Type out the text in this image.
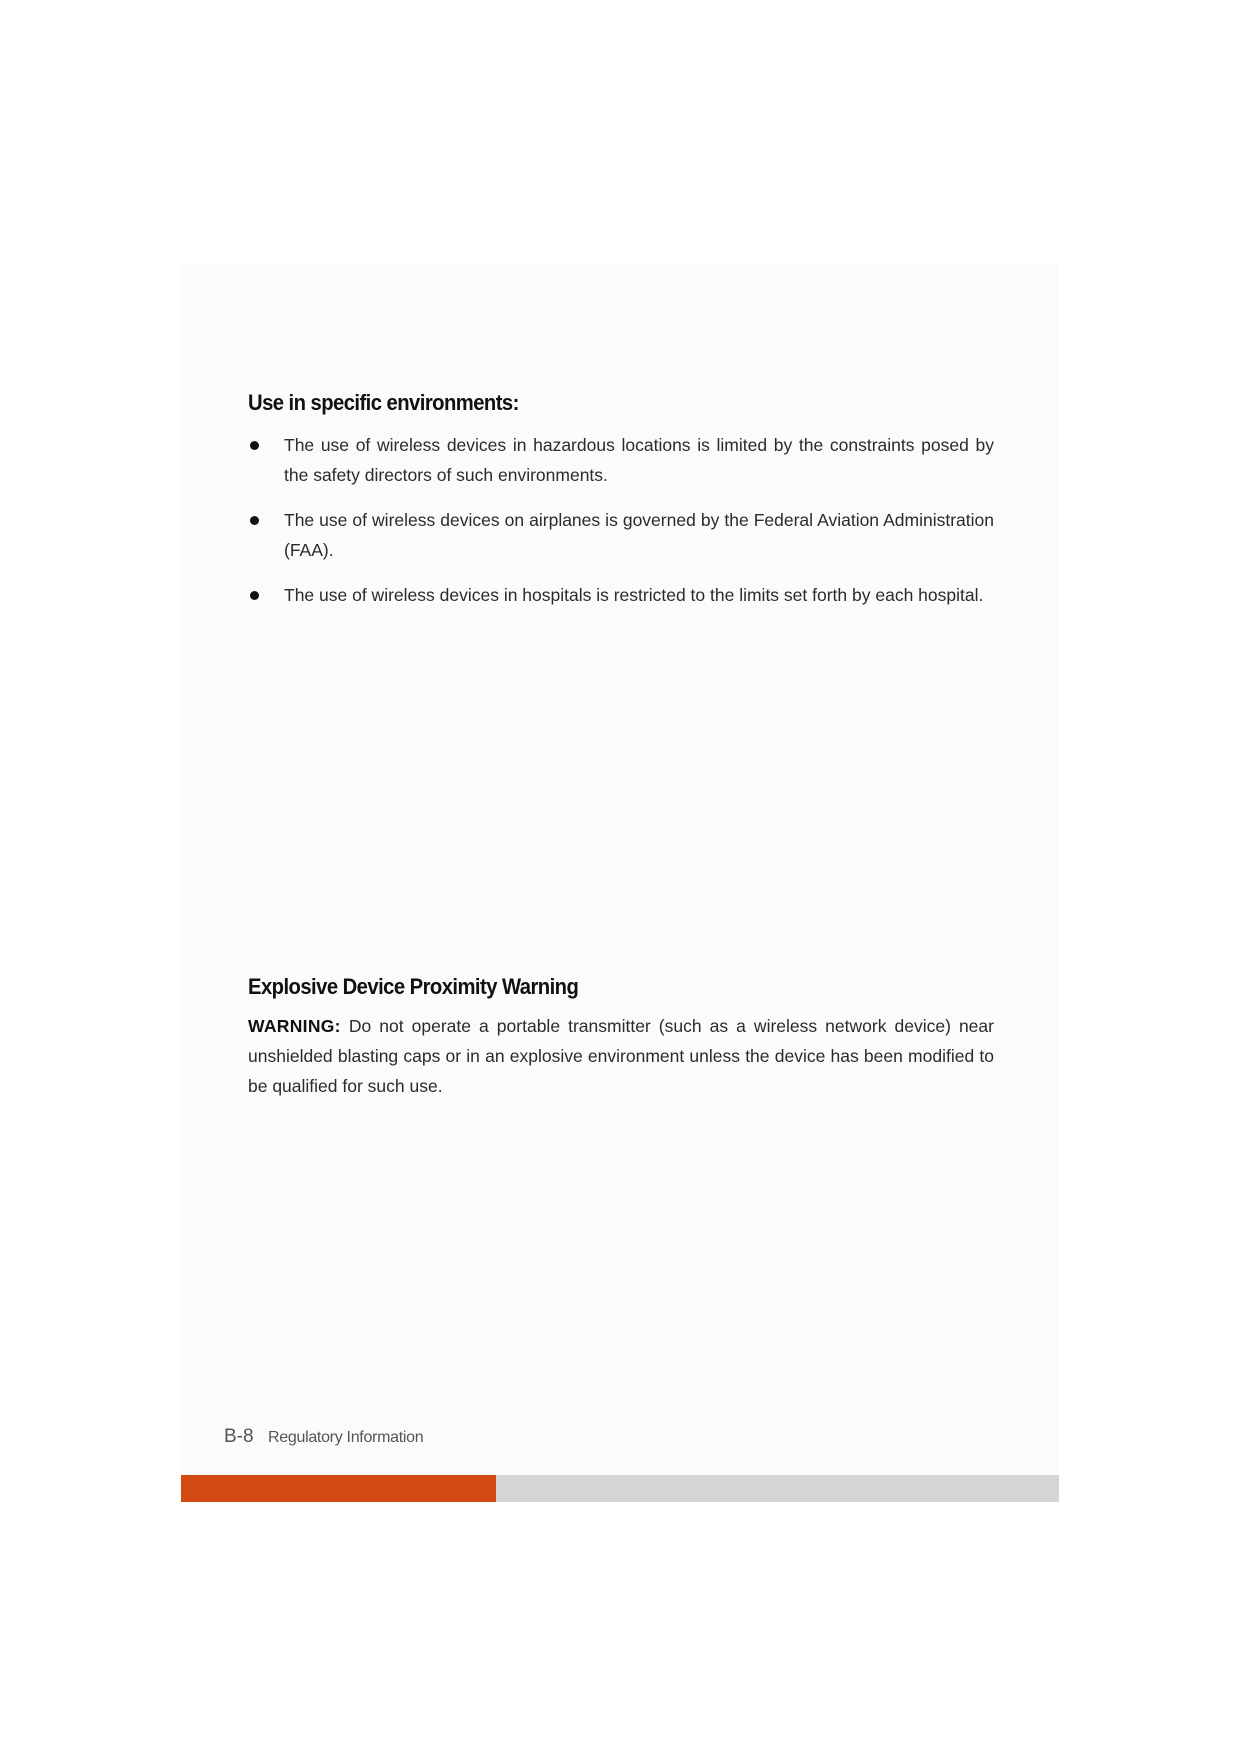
Use in specific environments:
The use of wireless devices in hazardous locations is limited by the constraints posed by the safety directors of such environments.
The use of wireless devices on airplanes is governed by the Federal Aviation Administration (FAA).
The use of wireless devices in hospitals is restricted to the limits set forth by each hospital.
Explosive Device Proximity Warning

WARNING: Do not operate a portable transmitter (such as a wireless network device) near unshielded blasting caps or in an explosive environment unless the device has been modified to be qualified for such use.

B-8 Regulatory Information
